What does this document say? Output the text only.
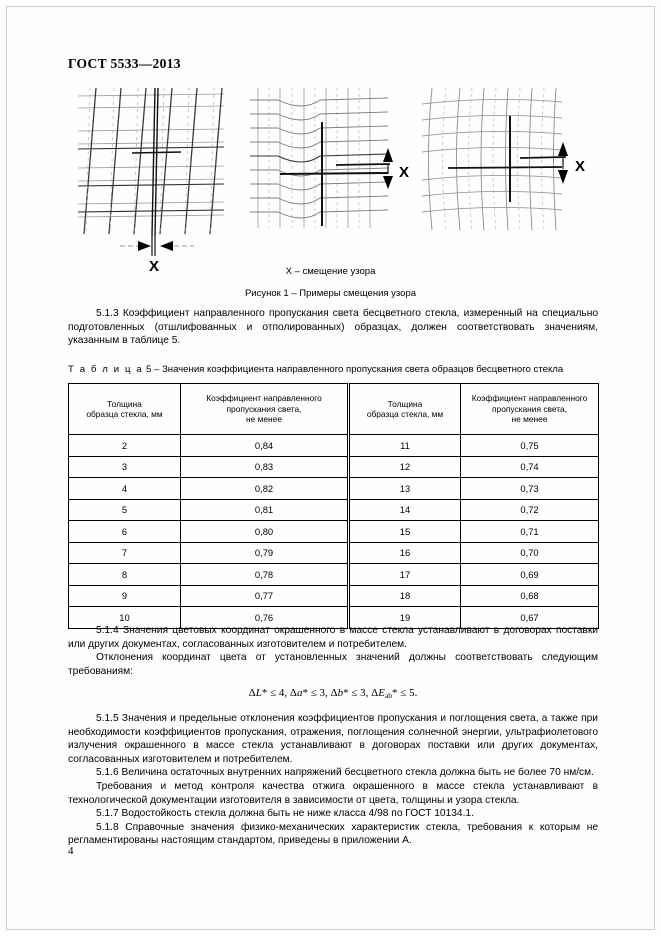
ГОСТ 5533—2013
X
X	X
X – смещение узора
Рисунок 1 – Примеры смещения узора

5.1.3 Коэффициент направленного пропускания света бесцветного стекла, измеренный на специально подготовленных (отшлифованных и отполированных) образцах, должен соответствовать значениям, указанным в таблице 5.

Т а б л и ц а 5 – Значения коэффициента направленного пропускания света образцов бесцветного стекла
Толщина
образца стекла, мм	Коэффициент направленного
пропускания света,
не менее	Толщина
образца стекла, мм	Коэффициент направленного
пропускания света,
не менее
2	0,84	11	0,75
3	0,83	12	0,74
4	0,82	13	0,73
5	0,81	14	0,72
6	0,80	15	0,71
7	0,79	16	0,70
8	0,78	17	0,69
9	0,77	18	0,68
10	0,76	19	0,67

5.1.4 Значения цветовых координат окрашенного в массе стекла устанавливают в договорах поставки или других документах, согласованных изготовителем и потребителем.

Отклонения координат цвета от установленных значений должны соответствовать следующим требованиям:

ΔL* ≤ 4, Δa* ≤ 3, Δb* ≤ 3, $\Delta E_{ab}* \le 5$.

5.1.5 Значения и предельные отклонения коэффициентов пропускания и поглощения света, а также при необходимости коэффициентов пропускания, отражения, поглощения солнечной энергии, ультрафиолетового излучения окрашенного в массе стекла устанавливают в договорах поставки или других документах, согласованных изготовителем и потребителем.

5.1.6 Величина остаточных внутренних напряжений бесцветного стекла должна быть не более 70 нм/см.

Требования и метод контроля качества отжига окрашенного в массе стекла устанавливают в технологической документации изготовителя в зависимости от цвета, толщины и узора стекла.

5.1.7 Водостойкость стекла должна быть не ниже класса 4/98 по ГОСТ 10134.1.

5.1.8 Справочные значения физико-механических характеристик стекла, требования к которым не регламентированы настоящим стандартом, приведены в приложении А.

4
